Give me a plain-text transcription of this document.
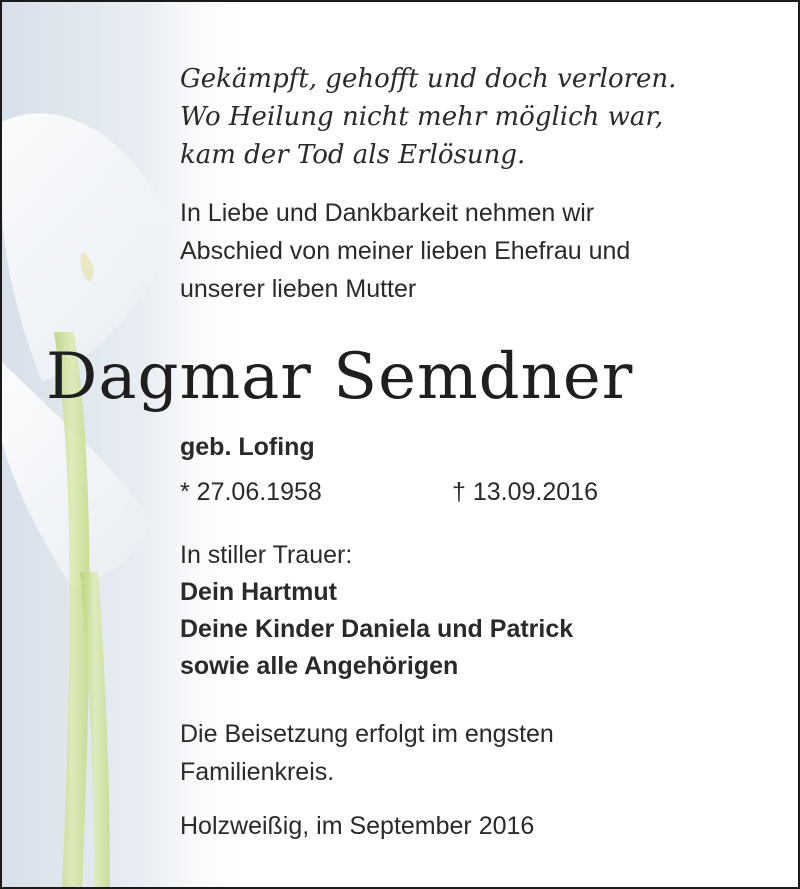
Gekämpft, gehofft und doch verloren.
Wo Heilung nicht mehr möglich war,
kam der Tod als Erlösung.
In Liebe und Dankbarkeit nehmen wir
Abschied von meiner lieben Ehefrau und
unserer lieben Mutter
Dagmar Semdner
geb. Lofing
* 27.06.1958	† 13.09.2016
In stiller Trauer:
Dein Hartmut
Deine Kinder Daniela und Patrick
sowie alle Angehörigen
Die Beisetzung erfolgt im engsten
Familienkreis.
Holzweißig, im September 2016
